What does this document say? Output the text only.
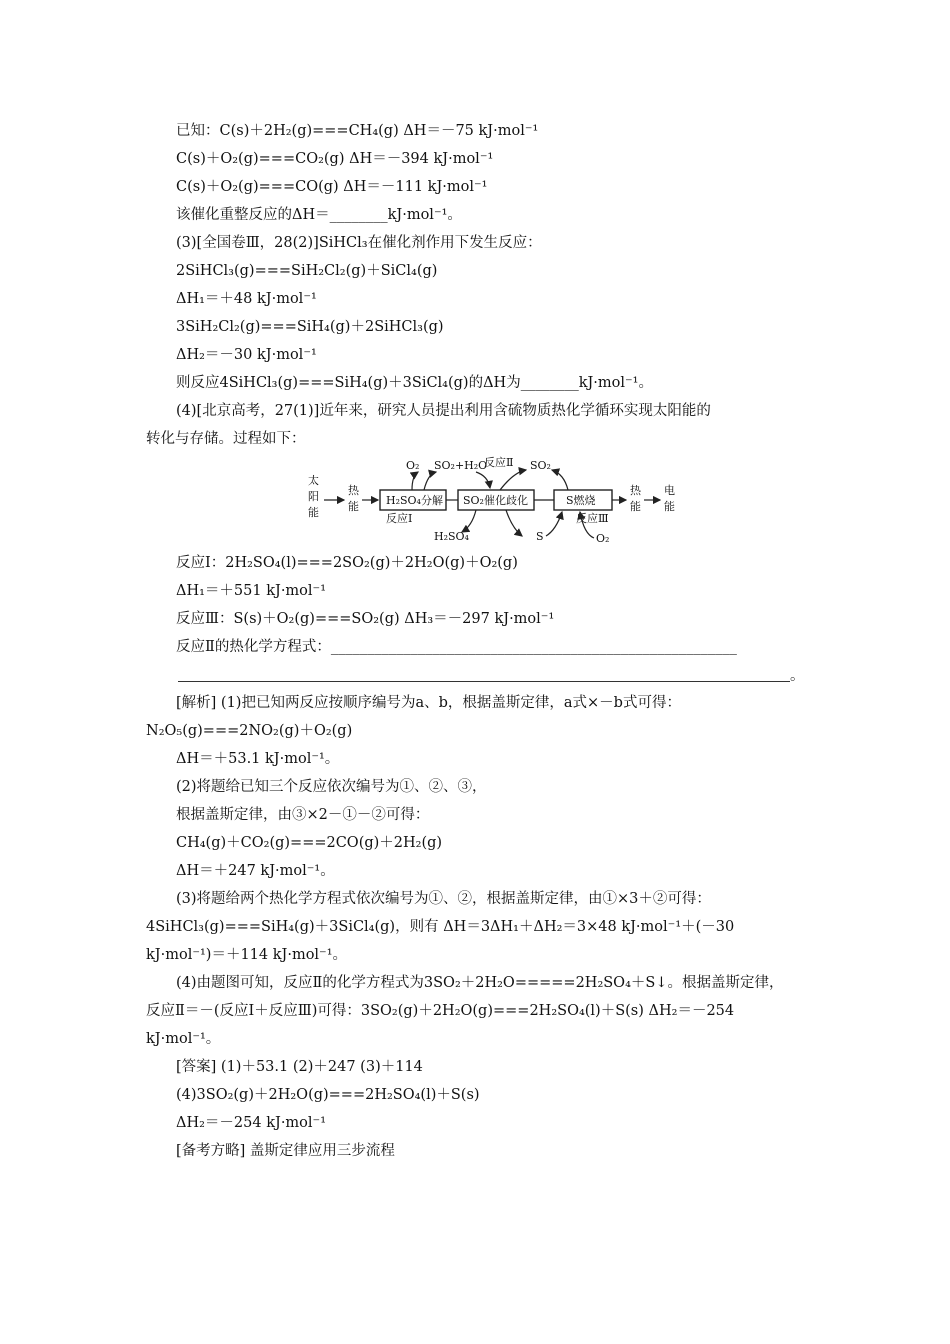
已知：C(s)＋2H₂(g)===CH₄(g) ΔH＝－75 kJ·mol⁻¹
C(s)＋O₂(g)===CO₂(g) ΔH＝－394 kJ·mol⁻¹
C(s)＋O₂(g)===CO(g) ΔH＝－111 kJ·mol⁻¹
该催化重整反应的ΔH＝________kJ·mol⁻¹。
(3)[全国卷Ⅲ，28(2)]SiHCl₃在催化剂作用下发生反应：
2SiHCl₃(g)===SiH₂Cl₂(g)＋SiCl₄(g)
ΔH₁＝＋48 kJ·mol⁻¹
3SiH₂Cl₂(g)===SiH₄(g)＋2SiHCl₃(g)
ΔH₂＝－30 kJ·mol⁻¹
则反应4SiHCl₃(g)===SiH₄(g)＋3SiCl₄(g)的ΔH为________kJ·mol⁻¹。
(4)[北京高考，27(1)]近年来，研究人员提出利用含硫物质热化学循环实现太阳能的
转化与存储。过程如下：
太
阳
能
热
能 H₂SO₄分解
反应Ⅰ
SO₂催化歧化	S燃烧
反应Ⅲ
O₂ SO₂+H₂O
反应Ⅱ SO₂
H₂SO₄	S	O₂
热
能
电
能
反应Ⅰ：2H₂SO₄(l)===2SO₂(g)＋2H₂O(g)＋O₂(g)
ΔH₁＝＋551 kJ·mol⁻¹
反应Ⅲ：S(s)＋O₂(g)===SO₂(g) ΔH₃＝－297 kJ·mol⁻¹
反应Ⅱ的热化学方程式：________________________________________________________
。
[解析] (1)把已知两反应按顺序编号为a、b，根据盖斯定律，a式×－b式可得：
N₂O₅(g)===2NO₂(g)＋O₂(g)
ΔH＝＋53.1 kJ·mol⁻¹。
(2)将题给已知三个反应依次编号为①、②、③，
根据盖斯定律，由③×2－①－②可得：
CH₄(g)＋CO₂(g)===2CO(g)＋2H₂(g)
ΔH＝＋247 kJ·mol⁻¹。
(3)将题给两个热化学方程式依次编号为①、②，根据盖斯定律，由①×3＋②可得：
4SiHCl₃(g)===SiH₄(g)＋3SiCl₄(g)，则有 ΔH＝3ΔH₁＋ΔH₂＝3×48 kJ·mol⁻¹＋(－30
kJ·mol⁻¹)＝＋114 kJ·mol⁻¹。
(4)由题图可知，反应Ⅱ的化学方程式为3SO₂＋2H₂O=====2H₂SO₄＋S↓。根据盖斯定律，
反应Ⅱ＝－(反应Ⅰ＋反应Ⅲ)可得：3SO₂(g)＋2H₂O(g)===2H₂SO₄(l)＋S(s) ΔH₂＝－254
kJ·mol⁻¹。
[答案] (1)＋53.1 (2)＋247 (3)＋114
(4)3SO₂(g)＋2H₂O(g)===2H₂SO₄(l)＋S(s)
ΔH₂＝－254 kJ·mol⁻¹
[备考方略] 盖斯定律应用三步流程
